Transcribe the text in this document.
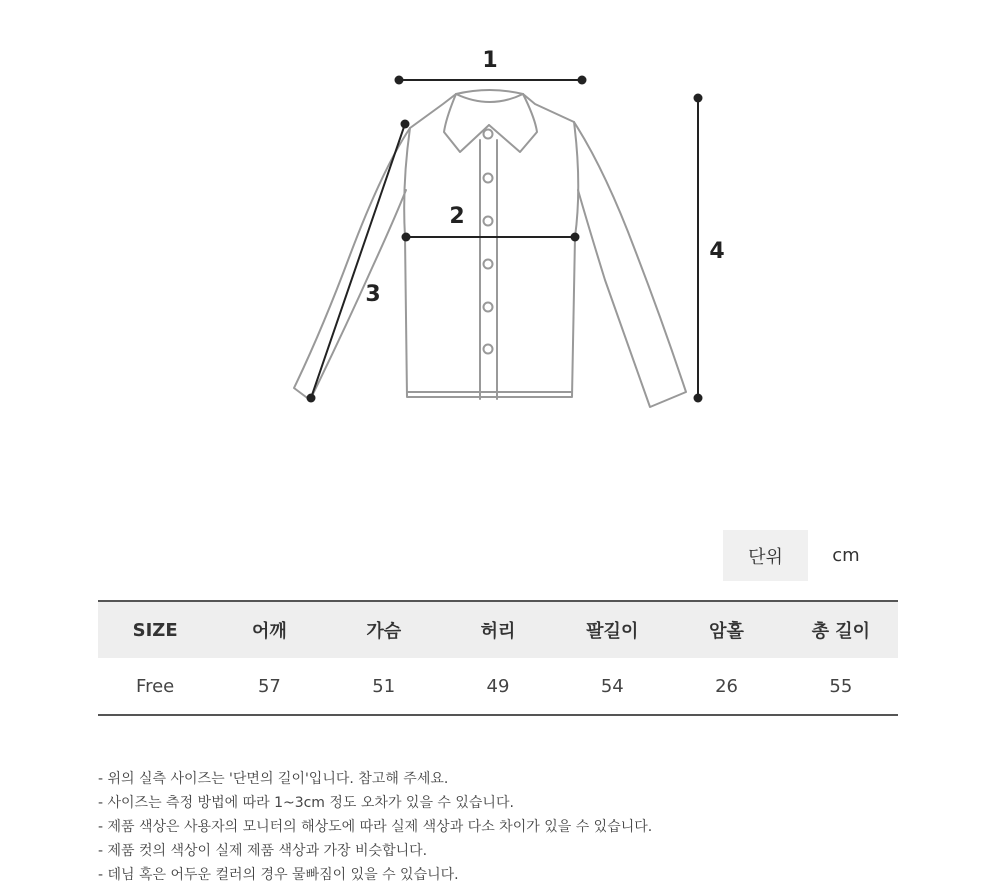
1
2
3
4
단위	cm
SIZE	어깨	가슴	허리	팔길이	암홀	총 길이
Free	57	51	49	54	26	55
- 위의 실측 사이즈는 '단면의 길이'입니다. 참고해 주세요.
- 사이즈는 측정 방법에 따라 1~3cm 정도 오차가 있을 수 있습니다.
- 제품 색상은 사용자의 모니터의 해상도에 따라 실제 색상과 다소 차이가 있을 수 있습니다.
- 제품 컷의 색상이 실제 제품 색상과 가장 비슷합니다.
- 데님 혹은 어두운 컬러의 경우 물빠짐이 있을 수 있습니다.
